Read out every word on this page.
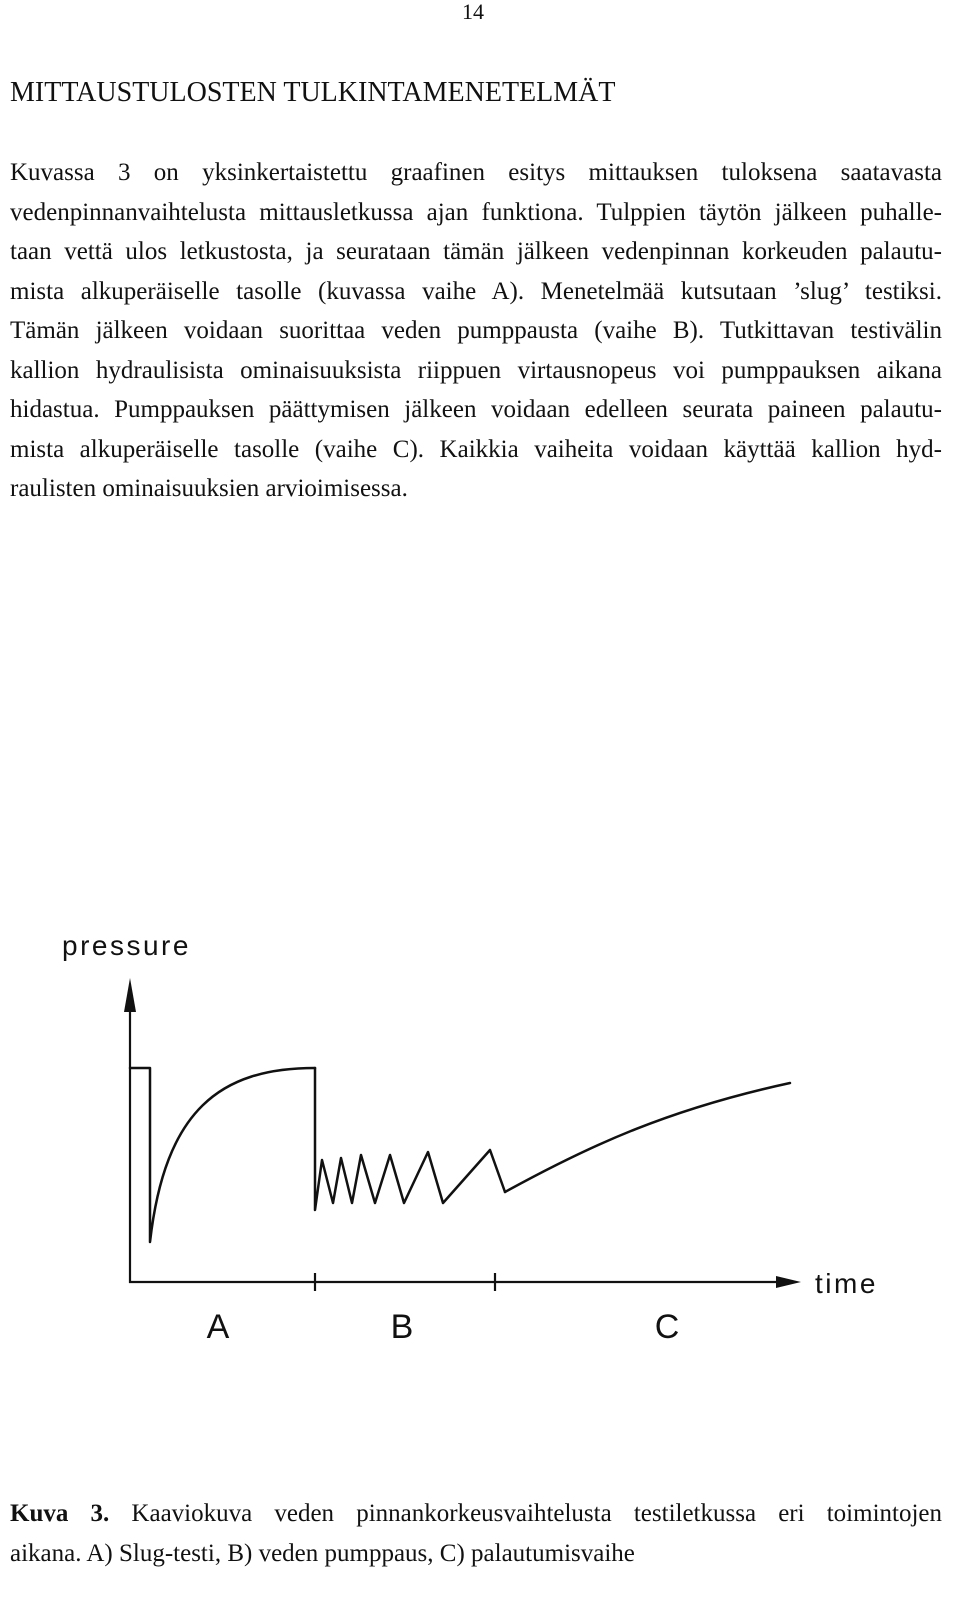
14
MITTAUSTULOSTEN TULKINTAMENETELMÄT
Kuvassa 3 on yksinkertaistettu graafinen esitys mittauksen tuloksena saatavasta
vedenpinnanvaihtelusta mittausletkussa ajan funktiona. Tulppien täytön jälkeen puhalle-
taan vettä ulos letkustosta, ja seurataan tämän jälkeen vedenpinnan korkeuden palautu-
mista alkuperäiselle tasolle (kuvassa vaihe A). Menetelmää kutsutaan ’slug’ testiksi.
Tämän jälkeen voidaan suorittaa veden pumppausta (vaihe B). Tutkittavan testivälin
kallion hydraulisista ominaisuuksista riippuen virtausnopeus voi pumppauksen aikana
hidastua. Pumppauksen päättymisen jälkeen voidaan edelleen seurata paineen palautu-
mista alkuperäiselle tasolle (vaihe C). Kaikkia vaiheita voidaan käyttää kallion hyd-
raulisten ominaisuuksien arvioimisessa.
pressure
time
A	B	C
Kuva 3. Kaaviokuva veden pinnankorkeusvaihtelusta testiletkussa eri toimintojen
aikana. A) Slug-testi, B) veden pumppaus, C) palautumisvaihe
